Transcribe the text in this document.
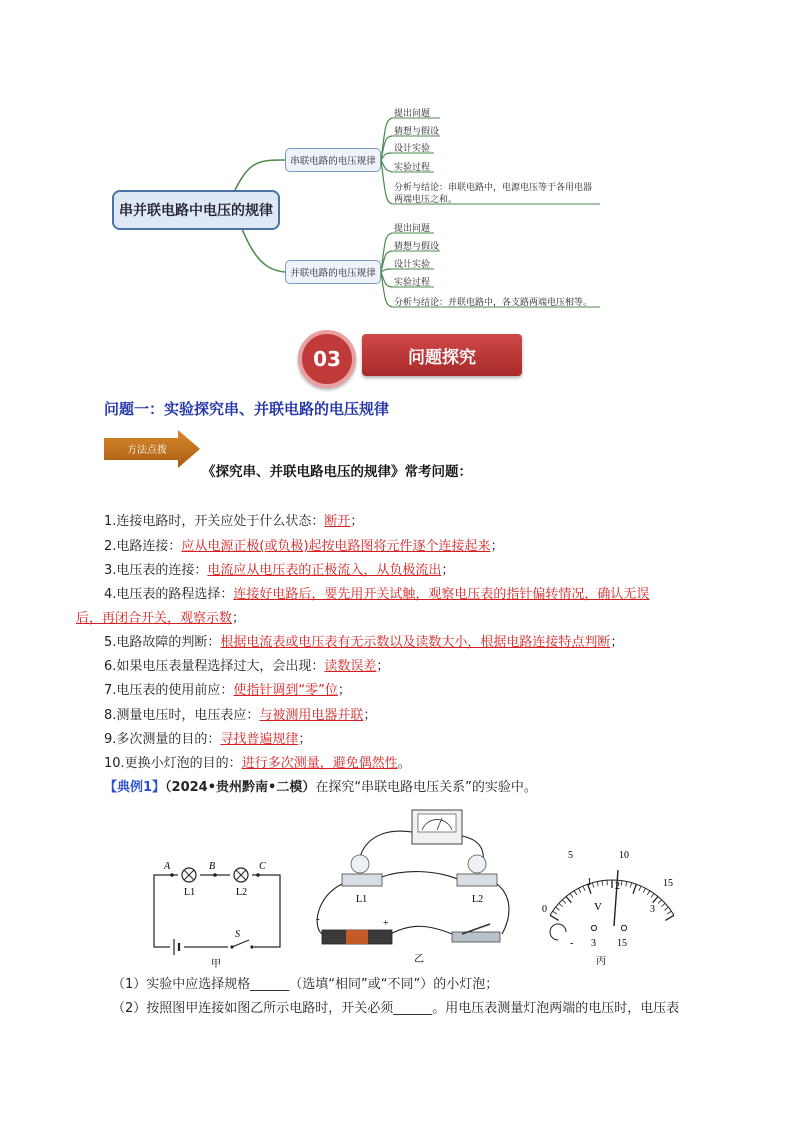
串并联电路中电压的规律
串联电路的电压规律
并联电路的电压规律
提出问题
猜想与假设
设计实验
实验过程
分析与结论：串联电路中，电源电压等于各用电器
两端电压之和。
提出问题
猜想与假设
设计实验
实验过程
分析与结论：并联电路中，各支路两端电压相等。
问题探究
03
问题一：实验探究串、并联电路的电压规律
方法点拨
《探究串、并联电路电压的规律》常考问题：
1.连接电路时，开关应处于什么状态：断开；
2.电路连接：应从电源正极(或负极)起按电路图将元件逐个连接起来；
3.电压表的连接：电流应从电压表的正极流入，从负极流出；
4.电压表的路程选择：连接好电路后，要先用开关试触，观察电压表的指针偏转情况，确认无误
后，再闭合开关，观察示数；
5.电路故障的判断：根据电流表或电压表有无示数以及读数大小，根据电路连接特点判断；
6.如果电压表量程选择过大，会出现：读数误差；
7.电压表的使用前应：使指针调到“零”位；
8.测量电压时，电压表应：与被测用电器并联；
9.多次测量的目的：寻找普遍规律；
10.更换小灯泡的目的：进行多次测量，避免偶然性。
【典例1】（2024•贵州黔南•二模）在探究“串联电路电压关系”的实验中。
A	B	C
L1	L2
S
甲
L1	L2
-	+
乙
5	10
15
0
1 2
3
V
- 3 15
丙
（1）实验中应选择规格______（选填“相同”或“不同”）的小灯泡；
（2）按照图甲连接如图乙所示电路时，开关必须______。用电压表测量灯泡两端的电压时，电压表
